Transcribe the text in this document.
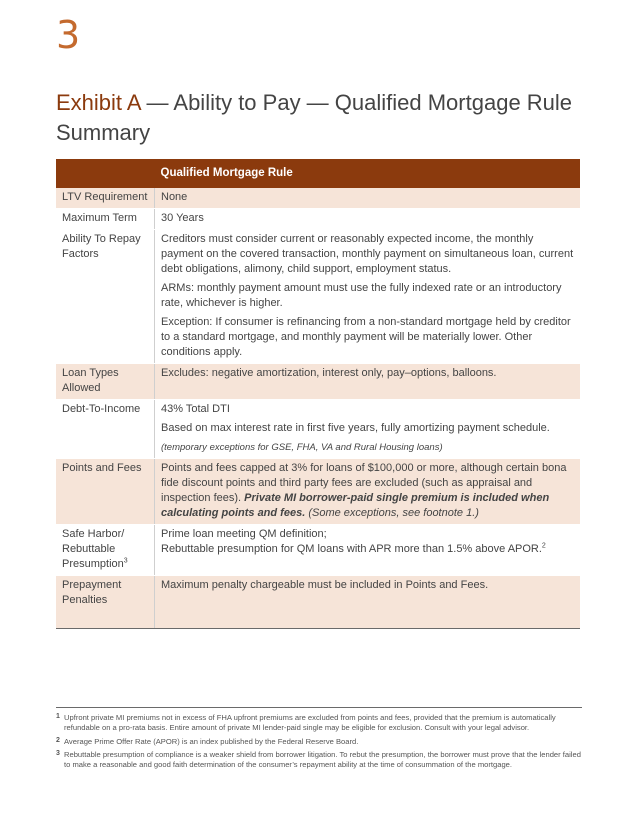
3
Exhibit A — Ability to Pay — Qualified Mortgage Rule Summary
	Qualified Mortgage Rule
LTV Requirement	None
Maximum Term	30 Years
Ability To Repay Factors	Creditors must consider current or reasonably expected income, the monthly payment on the covered transaction, monthly payment on simultaneous loan, current debt obligations, alimony, child support, employment status.
ARMs: monthly payment amount must use the fully indexed rate or an introductory rate, whichever is higher.
Exception: If consumer is refinancing from a non-standard mortgage held by creditor to a standard mortgage, and monthly payment will be materially lower. Other conditions apply.

Loan Types Allowed	Excludes: negative amortization, interest only, pay–options, balloons.
Debt-To-Income	43% Total DTI
Based on max interest rate in first five years, fully amortizing payment schedule.
(temporary exceptions for GSE, FHA, VA and Rural Housing loans)

Points and Fees	Points and fees capped at 3% for loans of $100,000 or more, although certain bona fide discount points and third party fees are excluded (such as appraisal and inspection fees). Private MI borrower-paid single premium is included when calculating points and fees. (Some exceptions, see footnote 1.)
Safe Harbor/ Rebuttable Presumption$^3$	Prime loan meeting QM definition;
Rebuttable presumption for QM loans with APR more than 1.5% above APOR.$^2$

Prepayment Penalties	Maximum penalty chargeable must be included in Points and Fees.
1 Upfront private MI premiums not in excess of FHA upfront premiums are excluded from points and fees, provided that the premium is automatically refundable on a pro-rata basis. Entire amount of private MI lender-paid single may be eligible for exclusion. Consult with your legal advisor.
2 Average Prime Offer Rate (APOR) is an index published by the Federal Reserve Board.
3 Rebuttable presumption of compliance is a weaker shield from borrower litigation. To rebut the presumption, the borrower must prove that the lender failed to make a reasonable and good faith determination of the consumer’s repayment ability at the time of consummation of the mortgage.
